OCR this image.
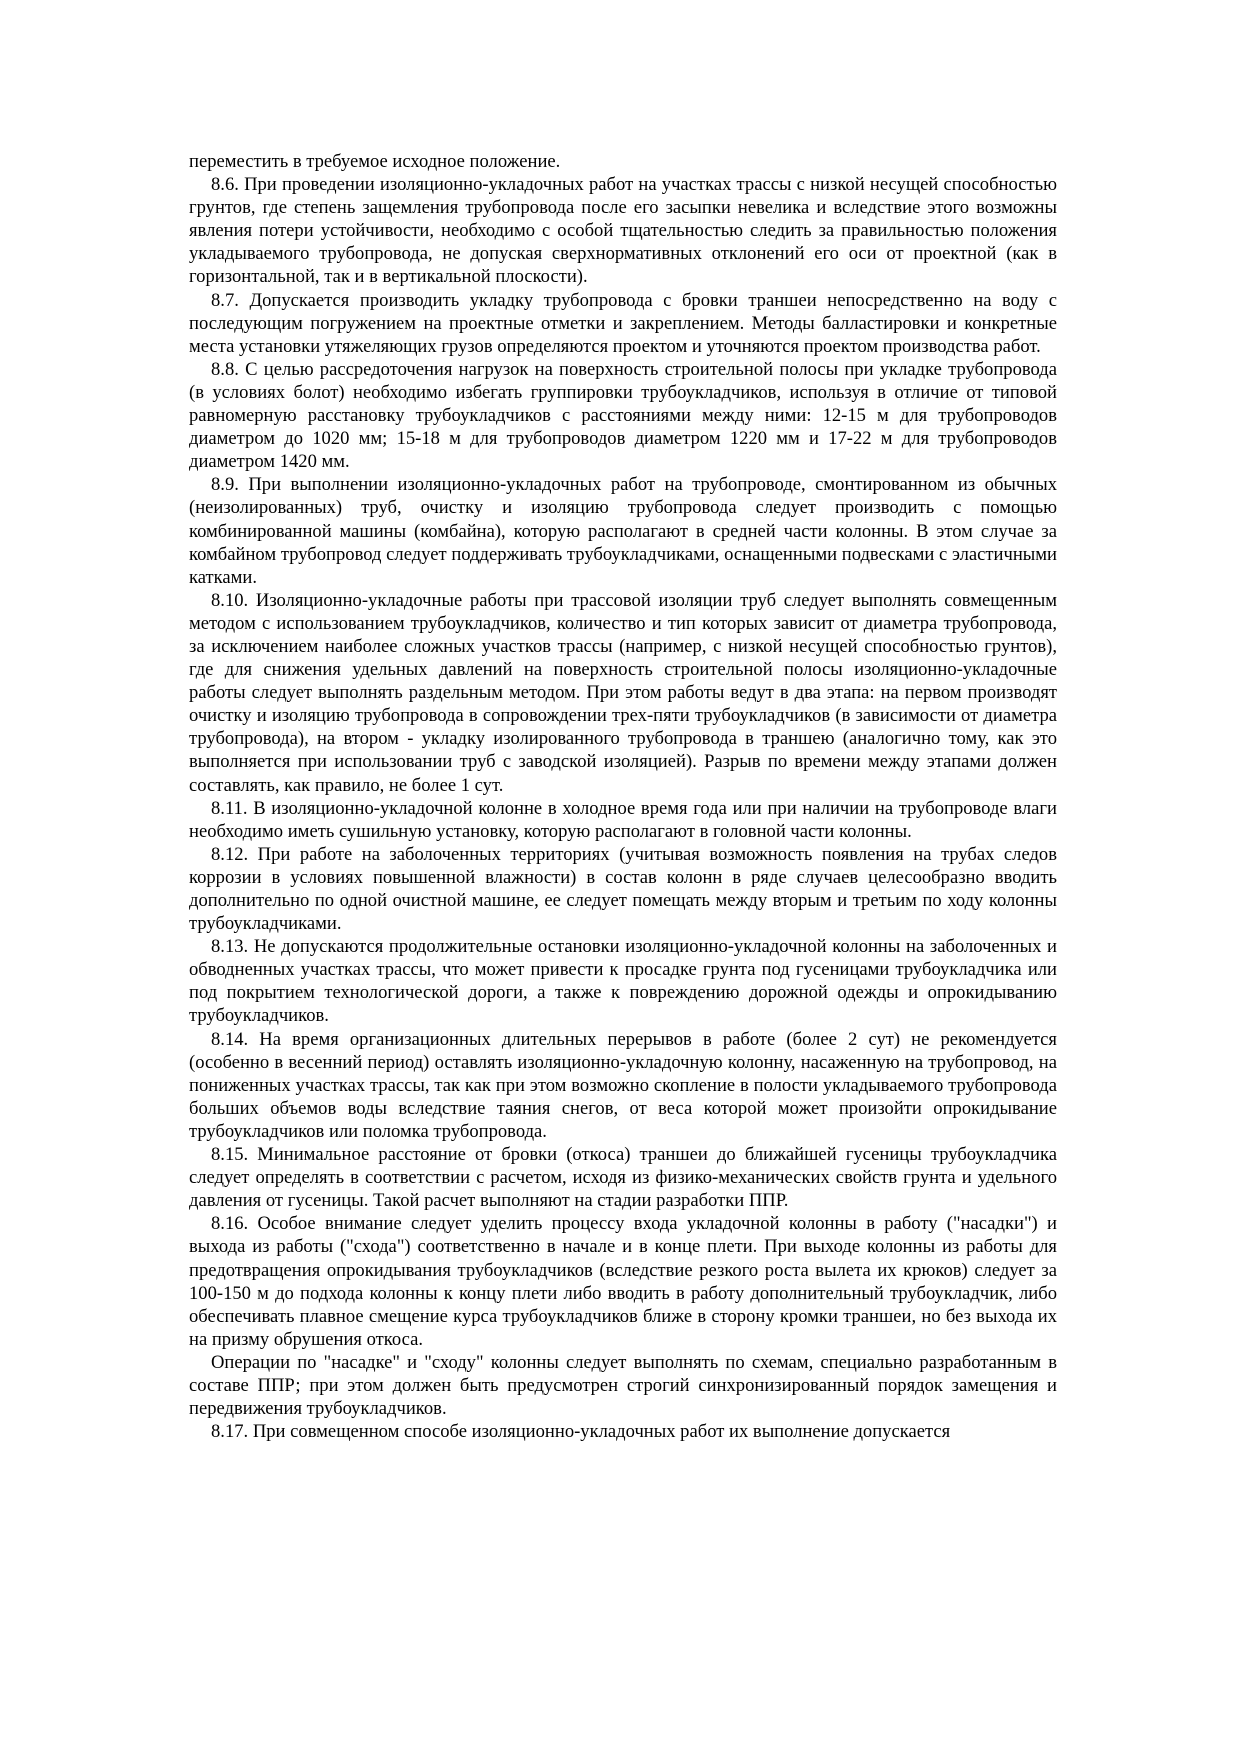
переместить в требуемое исходное положение.

8.6. При проведении изоляционно-укладочных работ на участках трассы с низкой несущей способностью грунтов, где степень защемления трубопровода после его засыпки невелика и вследствие этого возможны явления потери устойчивости, необходимо с особой тщательностью следить за правильностью положения укладываемого трубопровода, не допуская сверхнормативных отклонений его оси от проектной (как в горизонтальной, так и в вертикальной плоскости).

8.7. Допускается производить укладку трубопровода с бровки траншеи непосредственно на воду с последующим погружением на проектные отметки и закреплением. Методы балластировки и конкретные места установки утяжеляющих грузов определяются проектом и уточняются проектом производства работ.

8.8. С целью рассредоточения нагрузок на поверхность строительной полосы при укладке трубопровода (в условиях болот) необходимо избегать группировки трубоукладчиков, используя в отличие от типовой равномерную расстановку трубоукладчиков с расстояниями между ними: 12-15 м для трубопроводов диаметром до 1020 мм; 15-18 м для трубопроводов диаметром 1220 мм и 17-22 м для трубопроводов диаметром 1420 мм.

8.9. При выполнении изоляционно-укладочных работ на трубопроводе, смонтированном из обычных (неизолированных) труб, очистку и изоляцию трубопровода следует производить с помощью комбинированной машины (комбайна), которую располагают в средней части колонны. В этом случае за комбайном трубопровод следует поддерживать трубоукладчиками, оснащенными подвесками с эластичными катками.

8.10. Изоляционно-укладочные работы при трассовой изоляции труб следует выполнять совмещенным методом с использованием трубоукладчиков, количество и тип которых зависит от диаметра трубопровода, за исключением наиболее сложных участков трассы (например, с низкой несущей способностью грунтов), где для снижения удельных давлений на поверхность строительной полосы изоляционно-укладочные работы следует выполнять раздельным методом. При этом работы ведут в два этапа: на первом производят очистку и изоляцию трубопровода в сопровождении трех-пяти трубоукладчиков (в зависимости от диаметра трубопровода), на втором - укладку изолированного трубопровода в траншею (аналогично тому, как это выполняется при использовании труб с заводской изоляцией). Разрыв по времени между этапами должен составлять, как правило, не более 1 сут.

8.11. В изоляционно-укладочной колонне в холодное время года или при наличии на трубопроводе влаги необходимо иметь сушильную установку, которую располагают в головной части колонны.

8.12. При работе на заболоченных территориях (учитывая возможность появления на трубах следов коррозии в условиях повышенной влажности) в состав колонн в ряде случаев целесообразно вводить дополнительно по одной очистной машине, ее следует помещать между вторым и третьим по ходу колонны трубоукладчиками.

8.13. Не допускаются продолжительные остановки изоляционно-укладочной колонны на заболоченных и обводненных участках трассы, что может привести к просадке грунта под гусеницами трубоукладчика или под покрытием технологической дороги, а также к повреждению дорожной одежды и опрокидыванию трубоукладчиков.

8.14. На время организационных длительных перерывов в работе (более 2 сут) не рекомендуется (особенно в весенний период) оставлять изоляционно-укладочную колонну, насаженную на трубопровод, на пониженных участках трассы, так как при этом возможно скопление в полости укладываемого трубопровода больших объемов воды вследствие таяния снегов, от веса которой может произойти опрокидывание трубоукладчиков или поломка трубопровода.

8.15. Минимальное расстояние от бровки (откоса) траншеи до ближайшей гусеницы трубоукладчика следует определять в соответствии с расчетом, исходя из физико-механических свойств грунта и удельного давления от гусеницы. Такой расчет выполняют на стадии разработки ППР.

8.16. Особое внимание следует уделить процессу входа укладочной колонны в работу ("насадки") и выхода из работы ("схода") соответственно в начале и в конце плети. При выходе колонны из работы для предотвращения опрокидывания трубоукладчиков (вследствие резкого роста вылета их крюков) следует за 100-150 м до подхода колонны к концу плети либо вводить в работу дополнительный трубоукладчик, либо обеспечивать плавное смещение курса трубоукладчиков ближе в сторону кромки траншеи, но без выхода их на призму обрушения откоса.

Операции по "насадке" и "сходу" колонны следует выполнять по схемам, специально разработанным в составе ППР; при этом должен быть предусмотрен строгий синхронизированный порядок замещения и передвижения трубоукладчиков.

8.17. При совмещенном способе изоляционно-укладочных работ их выполнение допускается
